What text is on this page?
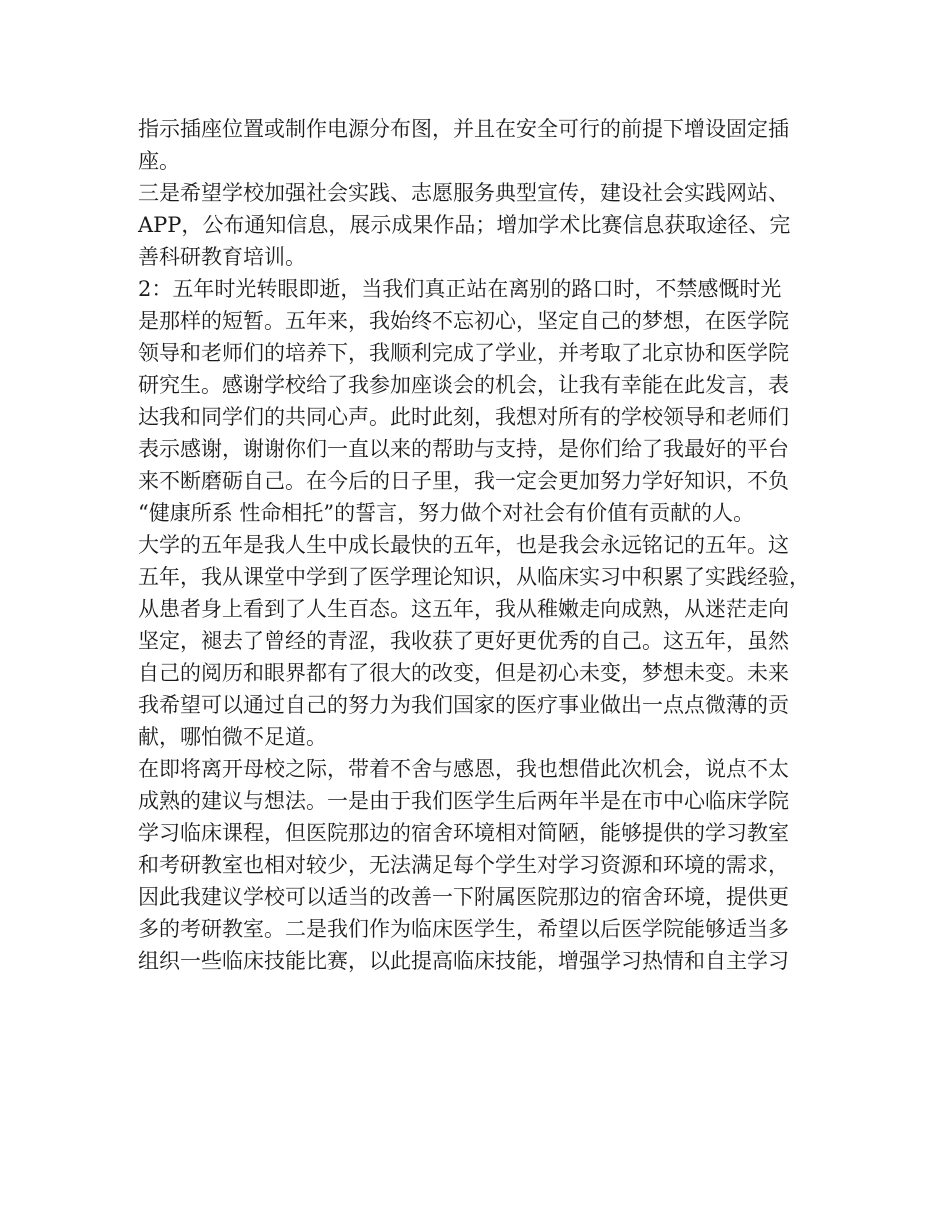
指示插座位置或制作电源分布图，并且在安全可行的前提下增设固定插
座。
三是希望学校加强社会实践、志愿服务典型宣传，建设社会实践网站、
APP，公布通知信息，展示成果作品；增加学术比赛信息获取途径、完
善科研教育培训。
2：五年时光转眼即逝，当我们真正站在离别的路口时，不禁感慨时光
是那样的短暂。五年来，我始终不忘初心，坚定自己的梦想，在医学院
领导和老师们的培养下，我顺利完成了学业，并考取了北京协和医学院
研究生。感谢学校给了我参加座谈会的机会，让我有幸能在此发言，表
达我和同学们的共同心声。此时此刻，我想对所有的学校领导和老师们
表示感谢，谢谢你们一直以来的帮助与支持，是你们给了我最好的平台
来不断磨砺自己。在今后的日子里，我一定会更加努力学好知识，不负
“健康所系 性命相托”的誓言，努力做个对社会有价值有贡献的人。
大学的五年是我人生中成长最快的五年，也是我会永远铭记的五年。这
五年，我从课堂中学到了医学理论知识，从临床实习中积累了实践经验，
从患者身上看到了人生百态。这五年，我从稚嫩走向成熟，从迷茫走向
坚定，褪去了曾经的青涩，我收获了更好更优秀的自己。这五年，虽然
自己的阅历和眼界都有了很大的改变，但是初心未变，梦想未变。未来
我希望可以通过自己的努力为我们国家的医疗事业做出一点点微薄的贡
献，哪怕微不足道。
在即将离开母校之际，带着不舍与感恩，我也想借此次机会，说点不太
成熟的建议与想法。一是由于我们医学生后两年半是在市中心临床学院
学习临床课程，但医院那边的宿舍环境相对简陋，能够提供的学习教室
和考研教室也相对较少，无法满足每个学生对学习资源和环境的需求，
因此我建议学校可以适当的改善一下附属医院那边的宿舍环境，提供更
多的考研教室。二是我们作为临床医学生，希望以后医学院能够适当多
组织一些临床技能比赛，以此提高临床技能，增强学习热情和自主学习
